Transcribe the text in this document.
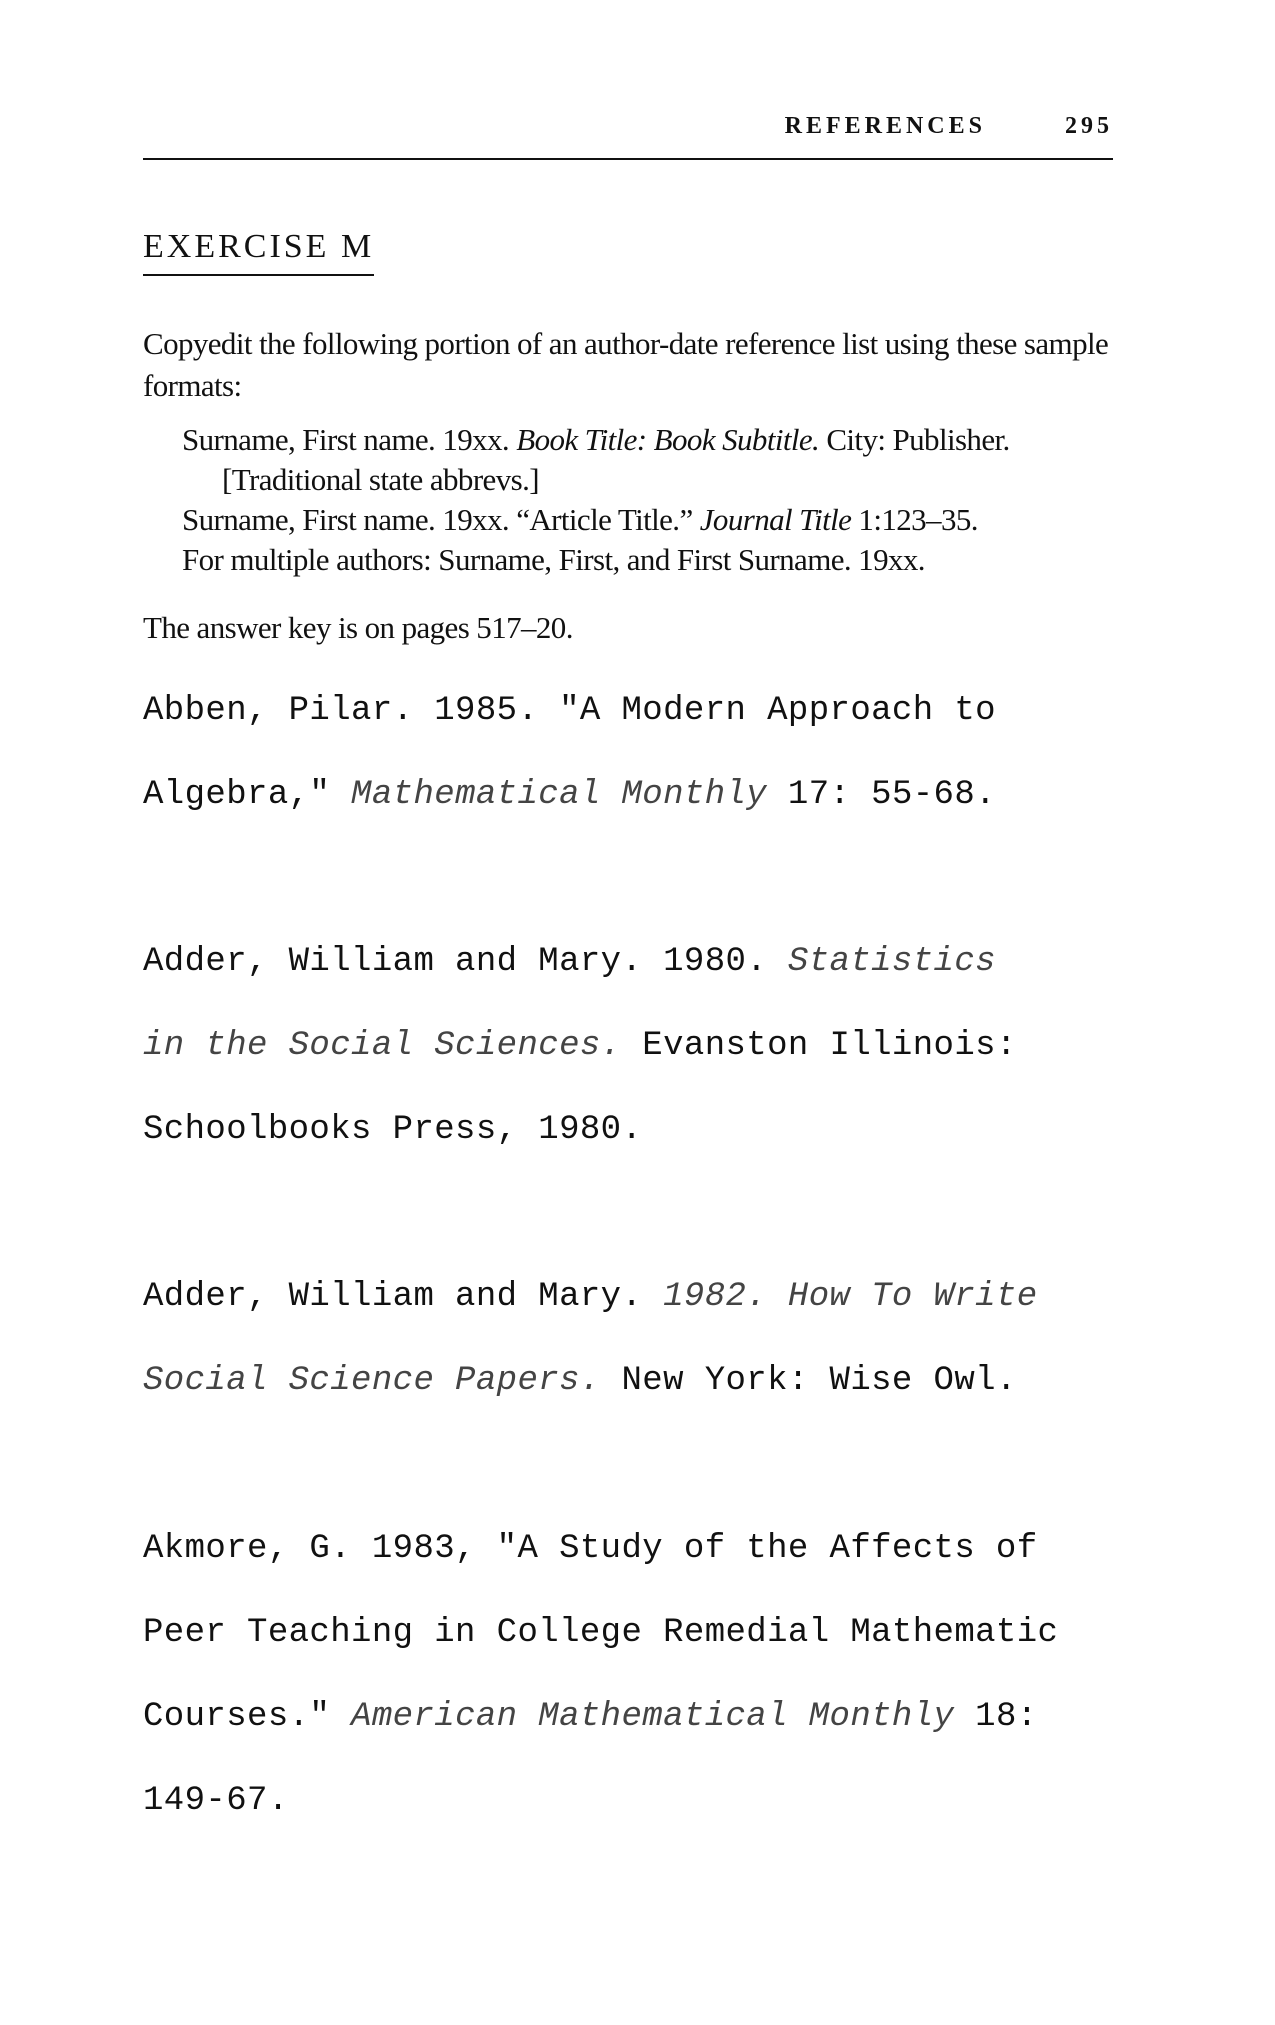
REFERENCES	295
EXERCISE M

Copyedit the following portion of an author-date reference list using these sample formats:

Surname, First name. 19xx. Book Title: Book Subtitle. City: Publisher.
[Traditional state abbrevs.]
Surname, First name. 19xx. “Article Title.” Journal Title 1:123–35.
For multiple authors: Surname, First, and First Surname. 19xx.

The answer key is on pages 517–20.

Abben, Pilar. 1985. "A Modern Approach to
Algebra," Mathematical Monthly 17: 55-68.
Adder, William and Mary. 1980. Statistics
in the Social Sciences. Evanston Illinois:
Schoolbooks Press, 1980.
Adder, William and Mary. 1982. How To Write
Social Science Papers. New York: Wise Owl.
Akmore, G. 1983, "A Study of the Affects of
Peer Teaching in College Remedial Mathematic
Courses." American Mathematical Monthly 18:
149-67.
